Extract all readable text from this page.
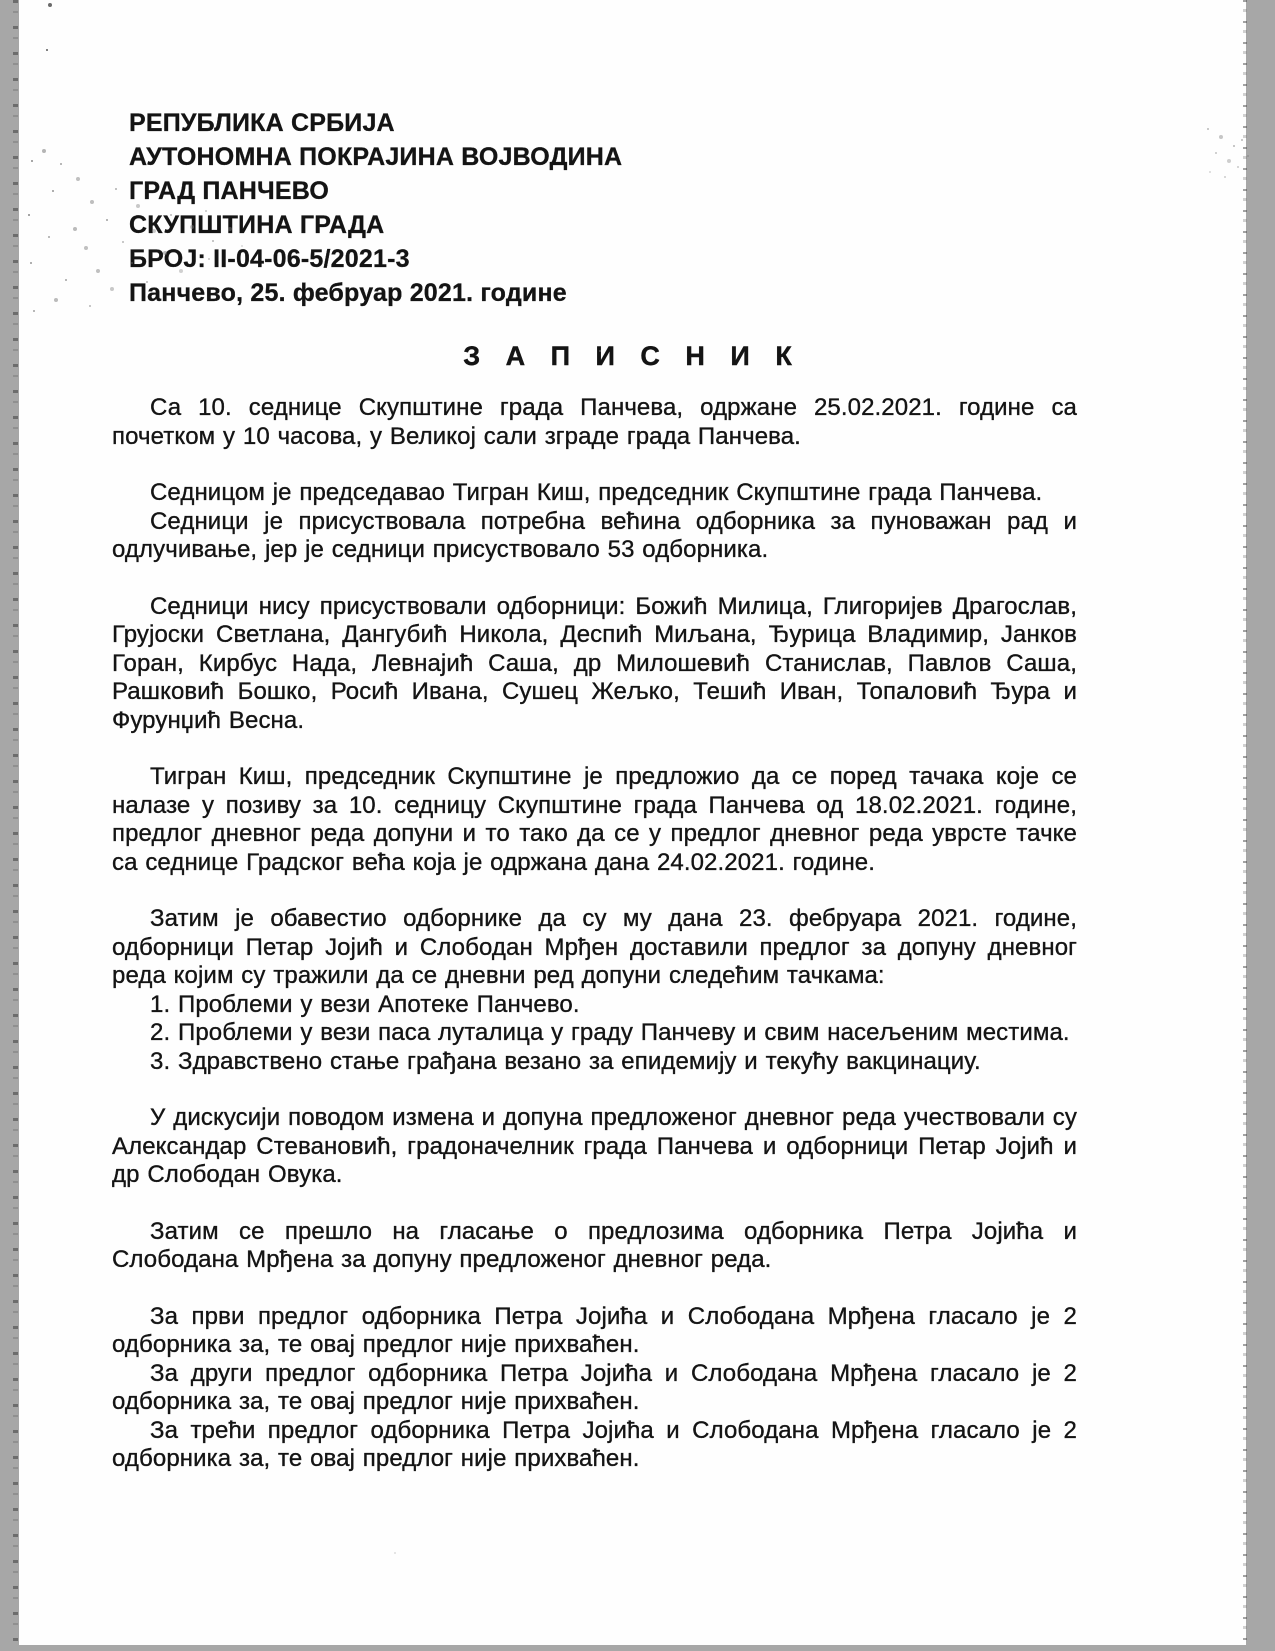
РЕПУБЛИКА СРБИЈА
АУТОНОМНА ПОКРАЈИНА ВОЈВОДИНА
ГРАД ПАНЧЕВО
СКУПШТИНА ГРАДА
БРОЈ: II-04-06-5/2021-3
Панчево, 25. фебруар 2021. године
З А П И С Н И К

Са 10. седнице Скупштине града Панчева, одржане 25.02.2021. године са почетком у 10 часова, у Великој сали зграде града Панчева.

Седницом је председавао Тигран Киш, председник Скупштине града Панчева.

Седници је присуствовала потребна већина одборника за пуноважан рад и одлучивање, јер је седници присуствовало 53 одборника.

Седници нису присуствовали одборници: Божић Милица, Глигоријев Драгослав, Грујоски Светлана, Дангубић Никола, Деспић Миљана, Ђурица Владимир, Јанков Горан, Кирбус Нада, Левнајић Саша, др Милошевић Станислав, Павлов Саша, Рашковић Бошко, Росић Ивана, Сушец Жељко, Тешић Иван, Топаловић Ђура и Фурунџић Весна.

Тигран Киш, председник Скупштине је предложио да се поред тачака које се налазе у позиву за 10. седницу Скупштине града Панчева од 18.02.2021. године, предлог дневног реда допуни и то тако да се у предлог дневног реда уврсте тачке са седнице Градског већа која је одржана дана 24.02.2021. године.

Затим је обавестио одборнике да су му дана 23. фебруара 2021. године, одборници Петар Јојић и Слободан Мрђен доставили предлог за допуну дневног реда којим су тражили да се дневни ред допуни следећим тачкама:

1. Проблеми у вези Апотеке Панчево.

2. Проблеми у вези паса луталица у граду Панчеву и свим насељеним местима.

3. Здравствено стање грађана везано за епидемију и текућу вакцинациу.

У дискусији поводом измена и допуна предложеног дневног реда учествовали су Александар Стевановић, градоначелник града Панчева и одборници Петар Јојић и др Слободан Овука.

Затим се прешло на гласање о предлозима одборника Петра Јојића и Слободана Мрђена за допуну предложеног дневног реда.

За први предлог одборника Петра Јојића и Слободана Мрђена гласало је 2 одборника за, те овај предлог није прихваћен.

За други предлог одборника Петра Јојића и Слободана Мрђена гласало је 2 одборника за, те овај предлог није прихваћен.

За трећи предлог одборника Петра Јојића и Слободана Мрђена гласало је 2 одборника за, те овај предлог није прихваћен.
